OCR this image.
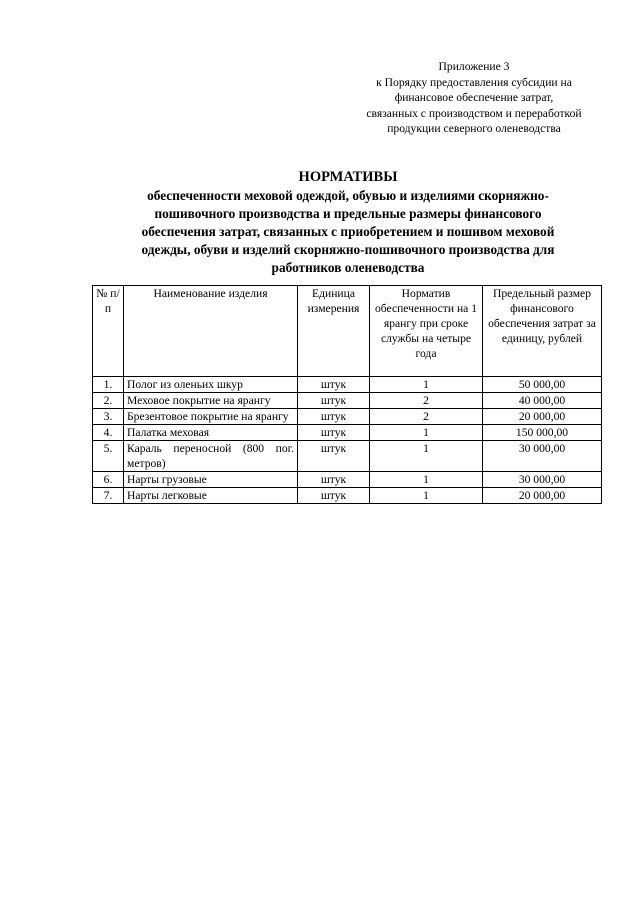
Приложение 3
к Порядку предоставления субсидии на
финансовое обеспечение затрат,
связанных с производством и переработкой
продукции северного оленеводства
НОРМАТИВЫ
обеспеченности меховой одеждой, обувью и изделиями скорняжно-
пошивочного производства и предельные размеры финансового
обеспечения затрат, связанных с приобретением и пошивом меховой
одежды, обуви и изделий скорняжно-пошивочного производства для
работников оленеводства
№ п/п	Наименование изделия	Единица измерения	Норматив обеспеченности на 1 ярангу при сроке службы на четыре года	Предельный размер финансового обеспечения затрат за единицу, рублей
1.	Полог из оленьих шкур	штук	1	50 000,00
2.	Меховое покрытие на ярангу	штук	2	40 000,00
3.	Брезентовое покрытие на ярангу	штук	2	20 000,00
4.	Палатка меховая	штук	1	150 000,00
5.	Караль переносной (800 пог. метров)	штук	1	30 000,00
6.	Нарты грузовые	штук	1	30 000,00
7.	Нарты легковые	штук	1	20 000,00
